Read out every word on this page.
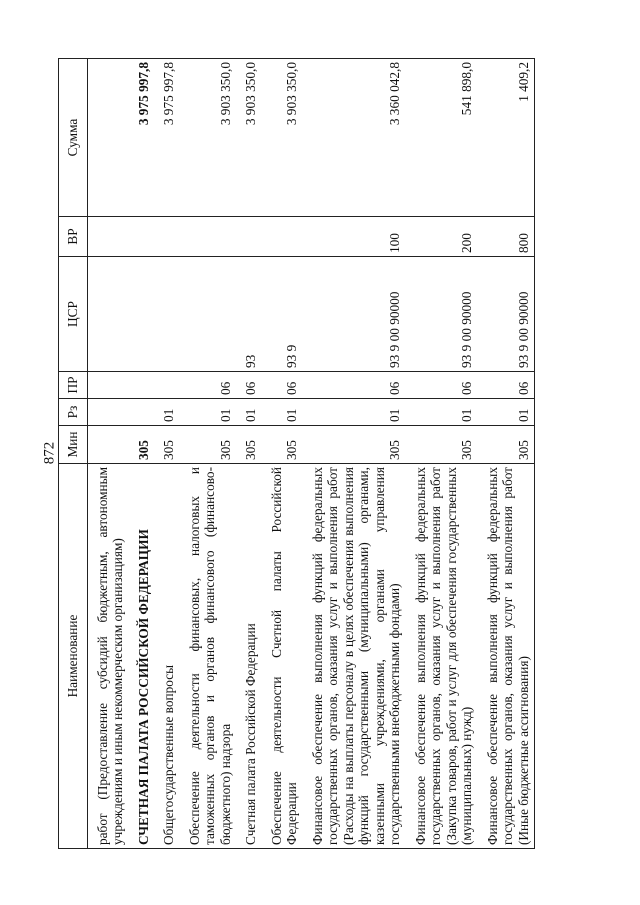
872
Наименование	Мин	Рз	ПР	ЦСР	ВР	Сумма
работ (Предоставление субсидий бюджетным, автономным учреждениям и иным некоммерческим организациям)						
СЧЕТНАЯ ПАЛАТА РОССИЙСКОЙ ФЕДЕРАЦИИ	305					3 975 997,8
Общегосударственные вопросы	305	01				3 975 997,8
Обеспечение деятельности финансовых, налоговых и таможенных органов и органов финансового (финансово-бюджетного) надзора	305	01	06			3 903 350,0
Счетная палата Российской Федерации	305	01	06	93		3 903 350,0
Обеспечение деятельности Счетной палаты Российской Федерации	305	01	06	93 9		3 903 350,0
Финансовое обеспечение выполнения функций федеральных государственных органов, оказания услуг и выполнения работ (Расходы на выплаты персоналу в целях обеспечения выполнения функций государственными (муниципальными) органами, казенными учреждениями, органами управления государственными внебюджетными фондами)	305	01	06	93 9 00 90000	100	3 360 042,8
Финансовое обеспечение выполнения функций федеральных государственных органов, оказания услуг и выполнения работ (Закупка товаров, работ и услуг для обеспечения государственных (муниципальных) нужд)	305	01	06	93 9 00 90000	200	541 898,0
Финансовое обеспечение выполнения функций федеральных государственных органов, оказания услуг и выполнения работ (Иные бюджетные ассигнования)	305	01	06	93 9 00 90000	800	1 409,2
